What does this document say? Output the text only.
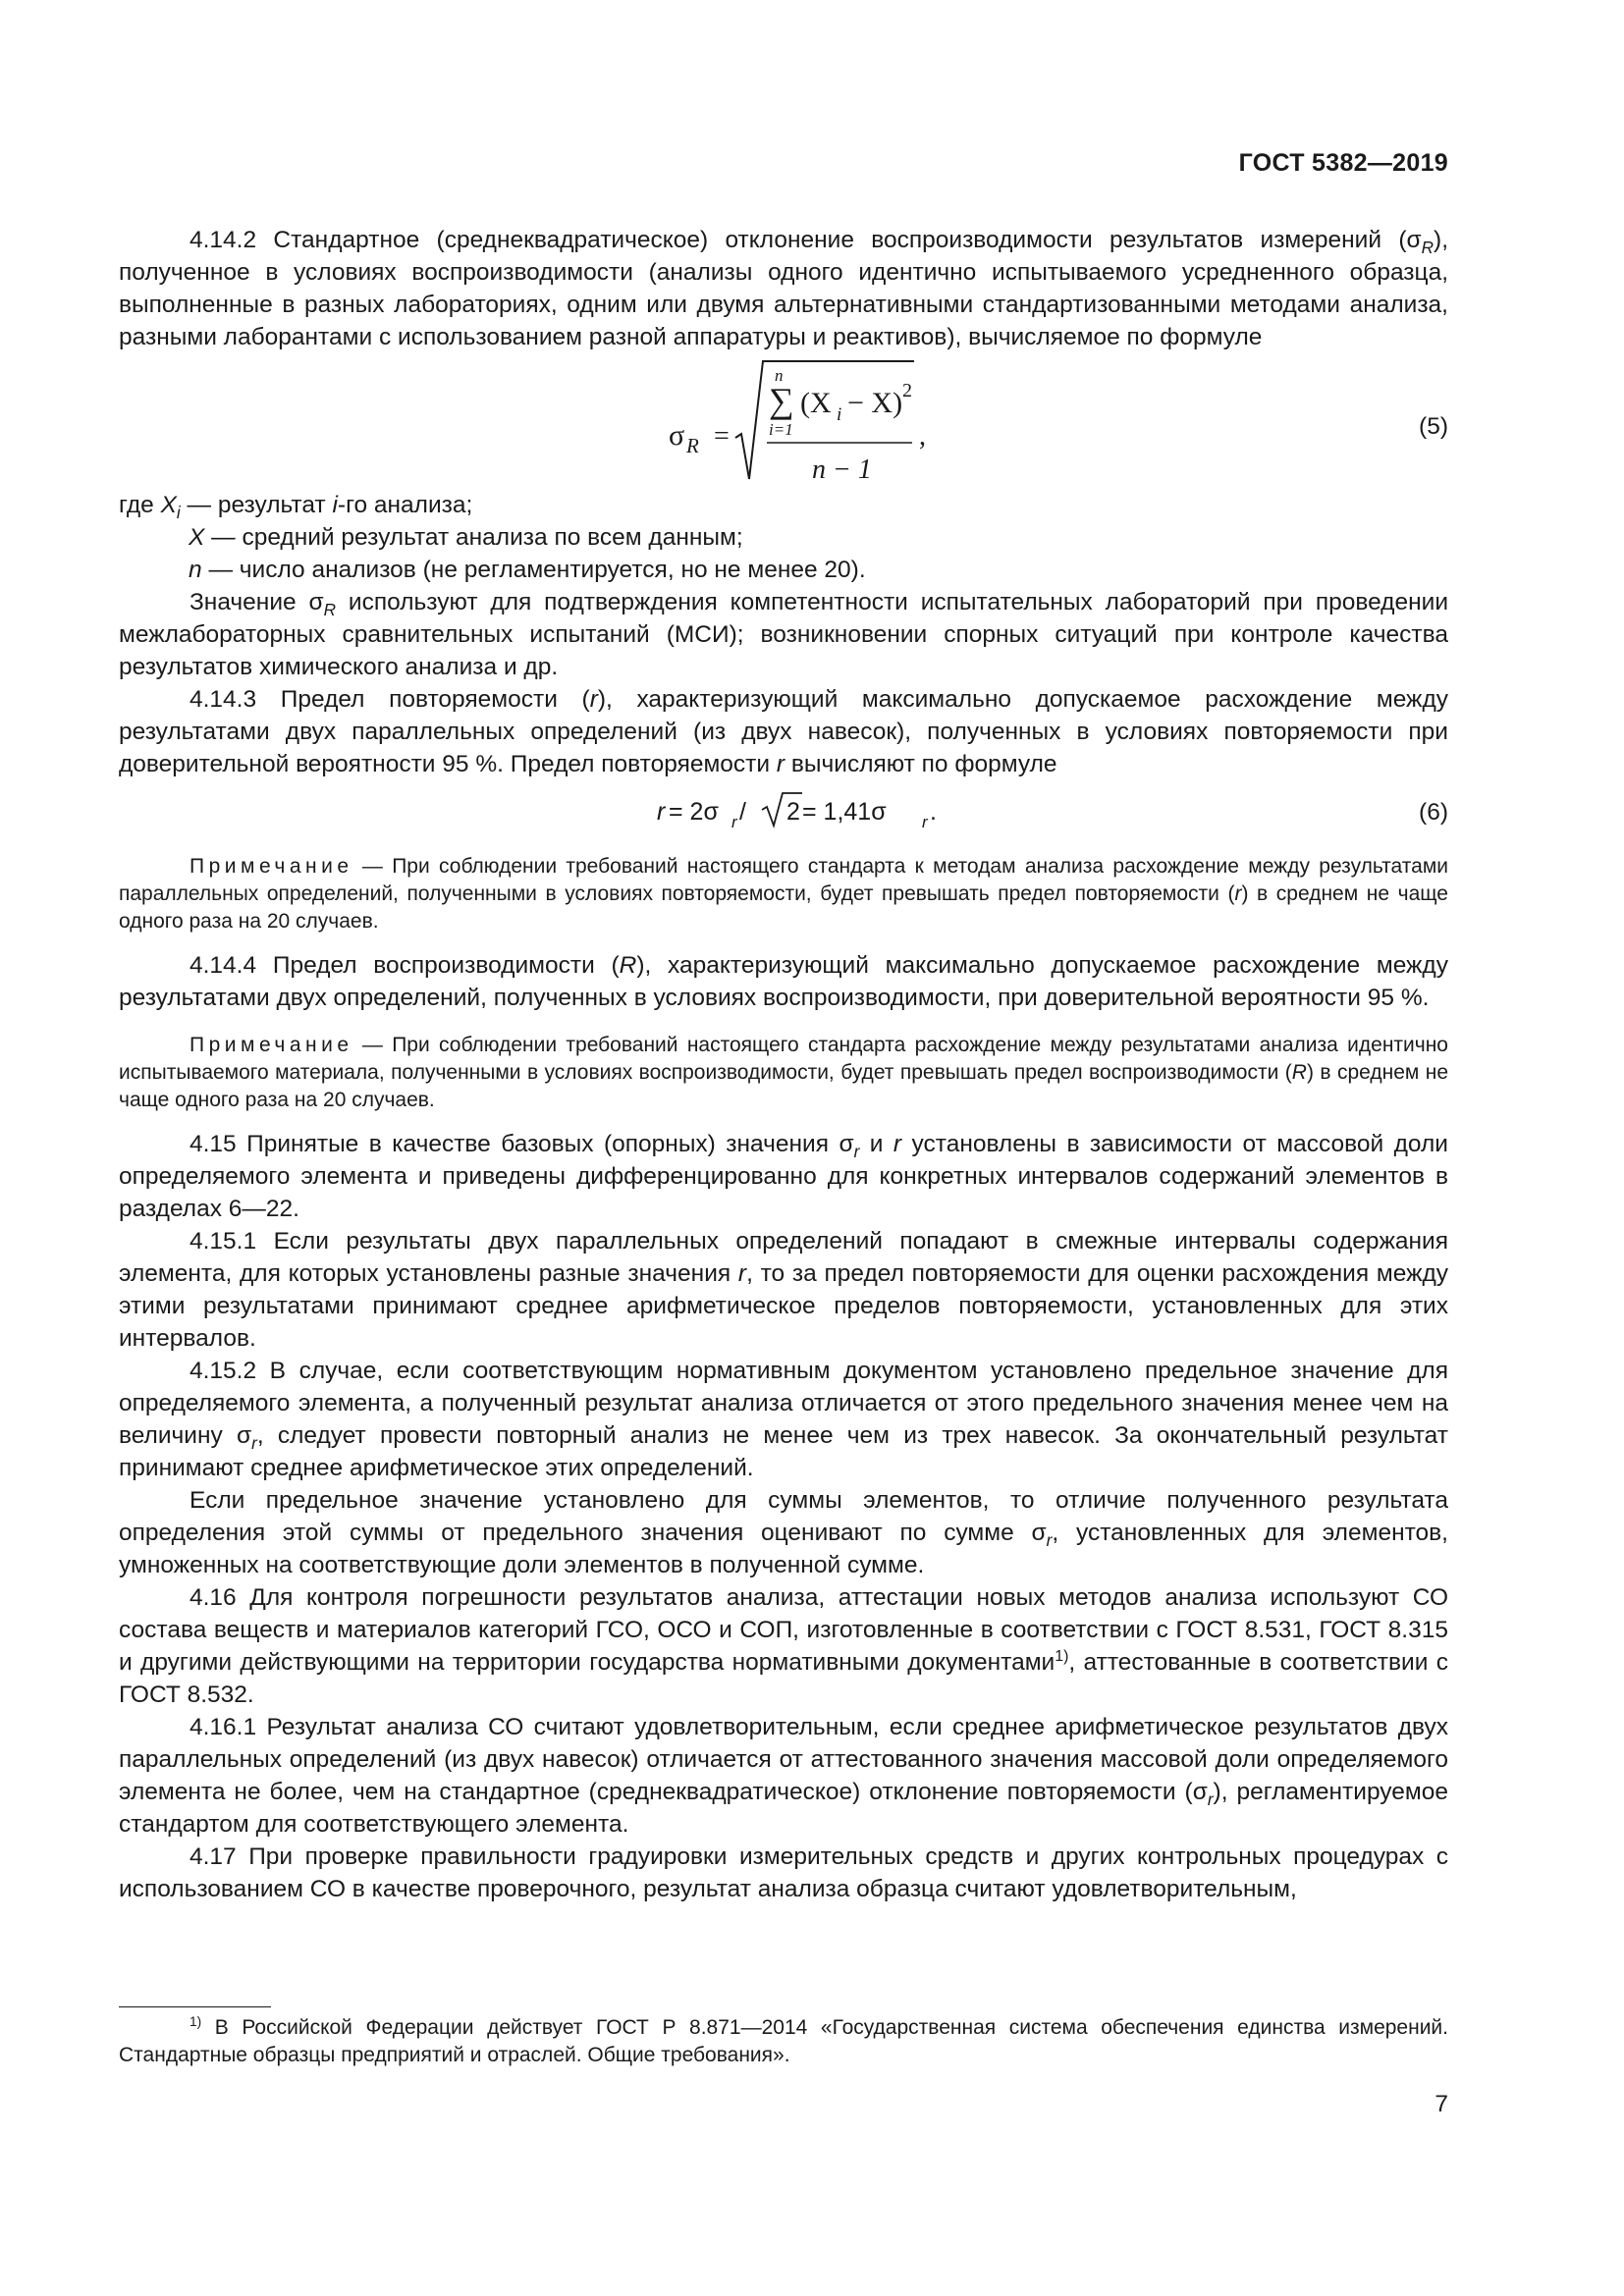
ГОСТ 5382—2019

4.14.2 Стандартное (среднеквадратическое) отклонение воспроизводимости результатов измерений $(\sigma_R)$, полученное в условиях воспроизводимости (анализы одного идентично испытываемого усредненного образца, выполненные в разных лабораториях, одним или двумя альтернативными стандартизованными методами анализа, разными лаборантами с использованием разной аппаратуры и реактивов), вычисляемое по формуле

σ R =
n
∑
i=1
(X i − X) 2
n − 1
,	(5)

где $X_i$ — результат i-го анализа;

X — средний результат анализа по всем данным;

n — число анализов (не регламентируется, но не менее 20).

Значение $\sigma_R$ используют для подтверждения компетентности испытательных лабораторий при проведении межлабораторных сравнительных испытаний (МСИ); возникновении спорных ситуаций при контроле качества результатов химического анализа и др.

4.14.3 Предел повторяемости (r), характеризующий максимально допускаемое расхождение между результатами двух параллельных определений (из двух навесок), полученных в условиях повторяемости при доверительной вероятности 95 %. Предел повторяемости r вычисляют по формуле

r = 2σ r / 2 = 1,41σ r .	(6)
Примечание — При соблюдении требований настоящего стандарта к методам анализа расхождение между результатами параллельных определений, полученными в условиях повторяемости, будет превышать предел повторяемости (r) в среднем не чаще одного раза на 20 случаев.

4.14.4 Предел воспроизводимости (R), характеризующий максимально допускаемое расхождение между результатами двух определений, полученных в условиях воспроизводимости, при доверительной вероятности 95 %.

Примечание — При соблюдении требований настоящего стандарта расхождение между результатами анализа идентично испытываемого материала, полученными в условиях воспроизводимости, будет превышать предел воспроизводимости (R) в среднем не чаще одного раза на 20 случаев.

4.15 Принятые в качестве базовых (опорных) значения $\sigma_r$ и r установлены в зависимости от массовой доли определяемого элемента и приведены дифференцированно для конкретных интервалов содержаний элементов в разделах 6—22.

4.15.1 Если результаты двух параллельных определений попадают в смежные интервалы содержания элемента, для которых установлены разные значения r, то за предел повторяемости для оценки расхождения между этими результатами принимают среднее арифметическое пределов повторяемости, установленных для этих интервалов.

4.15.2 В случае, если соответствующим нормативным документом установлено предельное значение для определяемого элемента, а полученный результат анализа отличается от этого предельного значения менее чем на величину $\sigma_r$, следует провести повторный анализ не менее чем из трех навесок. За окончательный результат принимают среднее арифметическое этих определений.

Если предельное значение установлено для суммы элементов, то отличие полученного результата определения этой суммы от предельного значения оценивают по сумме $\sigma_r$, установленных для элементов, умноженных на соответствующие доли элементов в полученной сумме.

4.16 Для контроля погрешности результатов анализа, аттестации новых методов анализа используют СО состава веществ и материалов категорий ГСО, ОСО и СОП, изготовленные в соответствии с ГОСТ 8.531, ГОСТ 8.315 и другими действующими на территории государства нормативными документами$^{1)}$, аттестованные в соответствии с ГОСТ 8.532.

4.16.1 Результат анализа СО считают удовлетворительным, если среднее арифметическое результатов двух параллельных определений (из двух навесок) отличается от аттестованного значения массовой доли определяемого элемента не более, чем на стандартное (среднеквадратическое) отклонение повторяемости $(\sigma_r)$, регламентируемое стандартом для соответствующего элемента.

4.17 При проверке правильности градуировки измерительных средств и других контрольных процедурах с использованием СО в качестве проверочного, результат анализа образца считают удовлетворительным,

$^{1)}$ В Российской Федерации действует ГОСТ Р 8.871—2014 «Государственная система обеспечения единства измерений. Стандартные образцы предприятий и отраслей. Общие требования».
7
